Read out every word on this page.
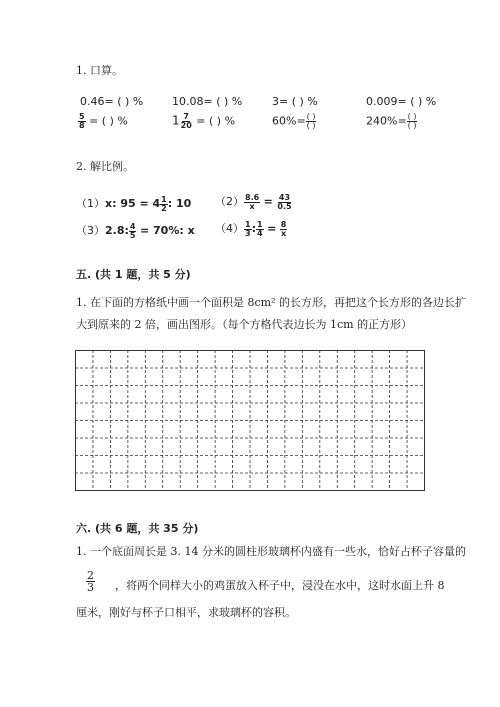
1. 口算。
0.46= ( ) %	10.08= ( ) %	3= ( ) %	0.009= ( ) %
$\frac{5}{8}$ = ( ) %	$1 \frac{7}{20}$ = ( ) %	$60\%= \frac{( )}{( )}$	$240\%= \frac{( )}{( )}$
2. 解比例。
（1）x: $95 = 4 \frac{1}{2}$ : 10 $(2) \frac{8.6}{x} = \frac{43}{0.5}$
（3）2.8: $\frac{4}{5} = 70\%$: x $(4) \frac{1}{3}$ : $\frac{1}{4} = \frac{8}{x}$
五. (共 1 题，共 5 分)
1. 在下面的方格纸中画一个面积是 8cm² 的长方形，再把这个长方形的各边长扩
大到原来的 2 倍，画出图形。（每个方格代表边长为 1cm 的正方形）
六. (共 6 题，共 35 分)
1. 一个底面周长是 3. 14 分米的圆柱形玻璃杯内盛有一些水，恰好占杯子容量的
$\frac{2}{3}$ ，将两个同样大小的鸡蛋放入杯子中，浸没在水中，这时水面上升 8
厘米，刚好与杯子口相平，求玻璃杯的容积。
